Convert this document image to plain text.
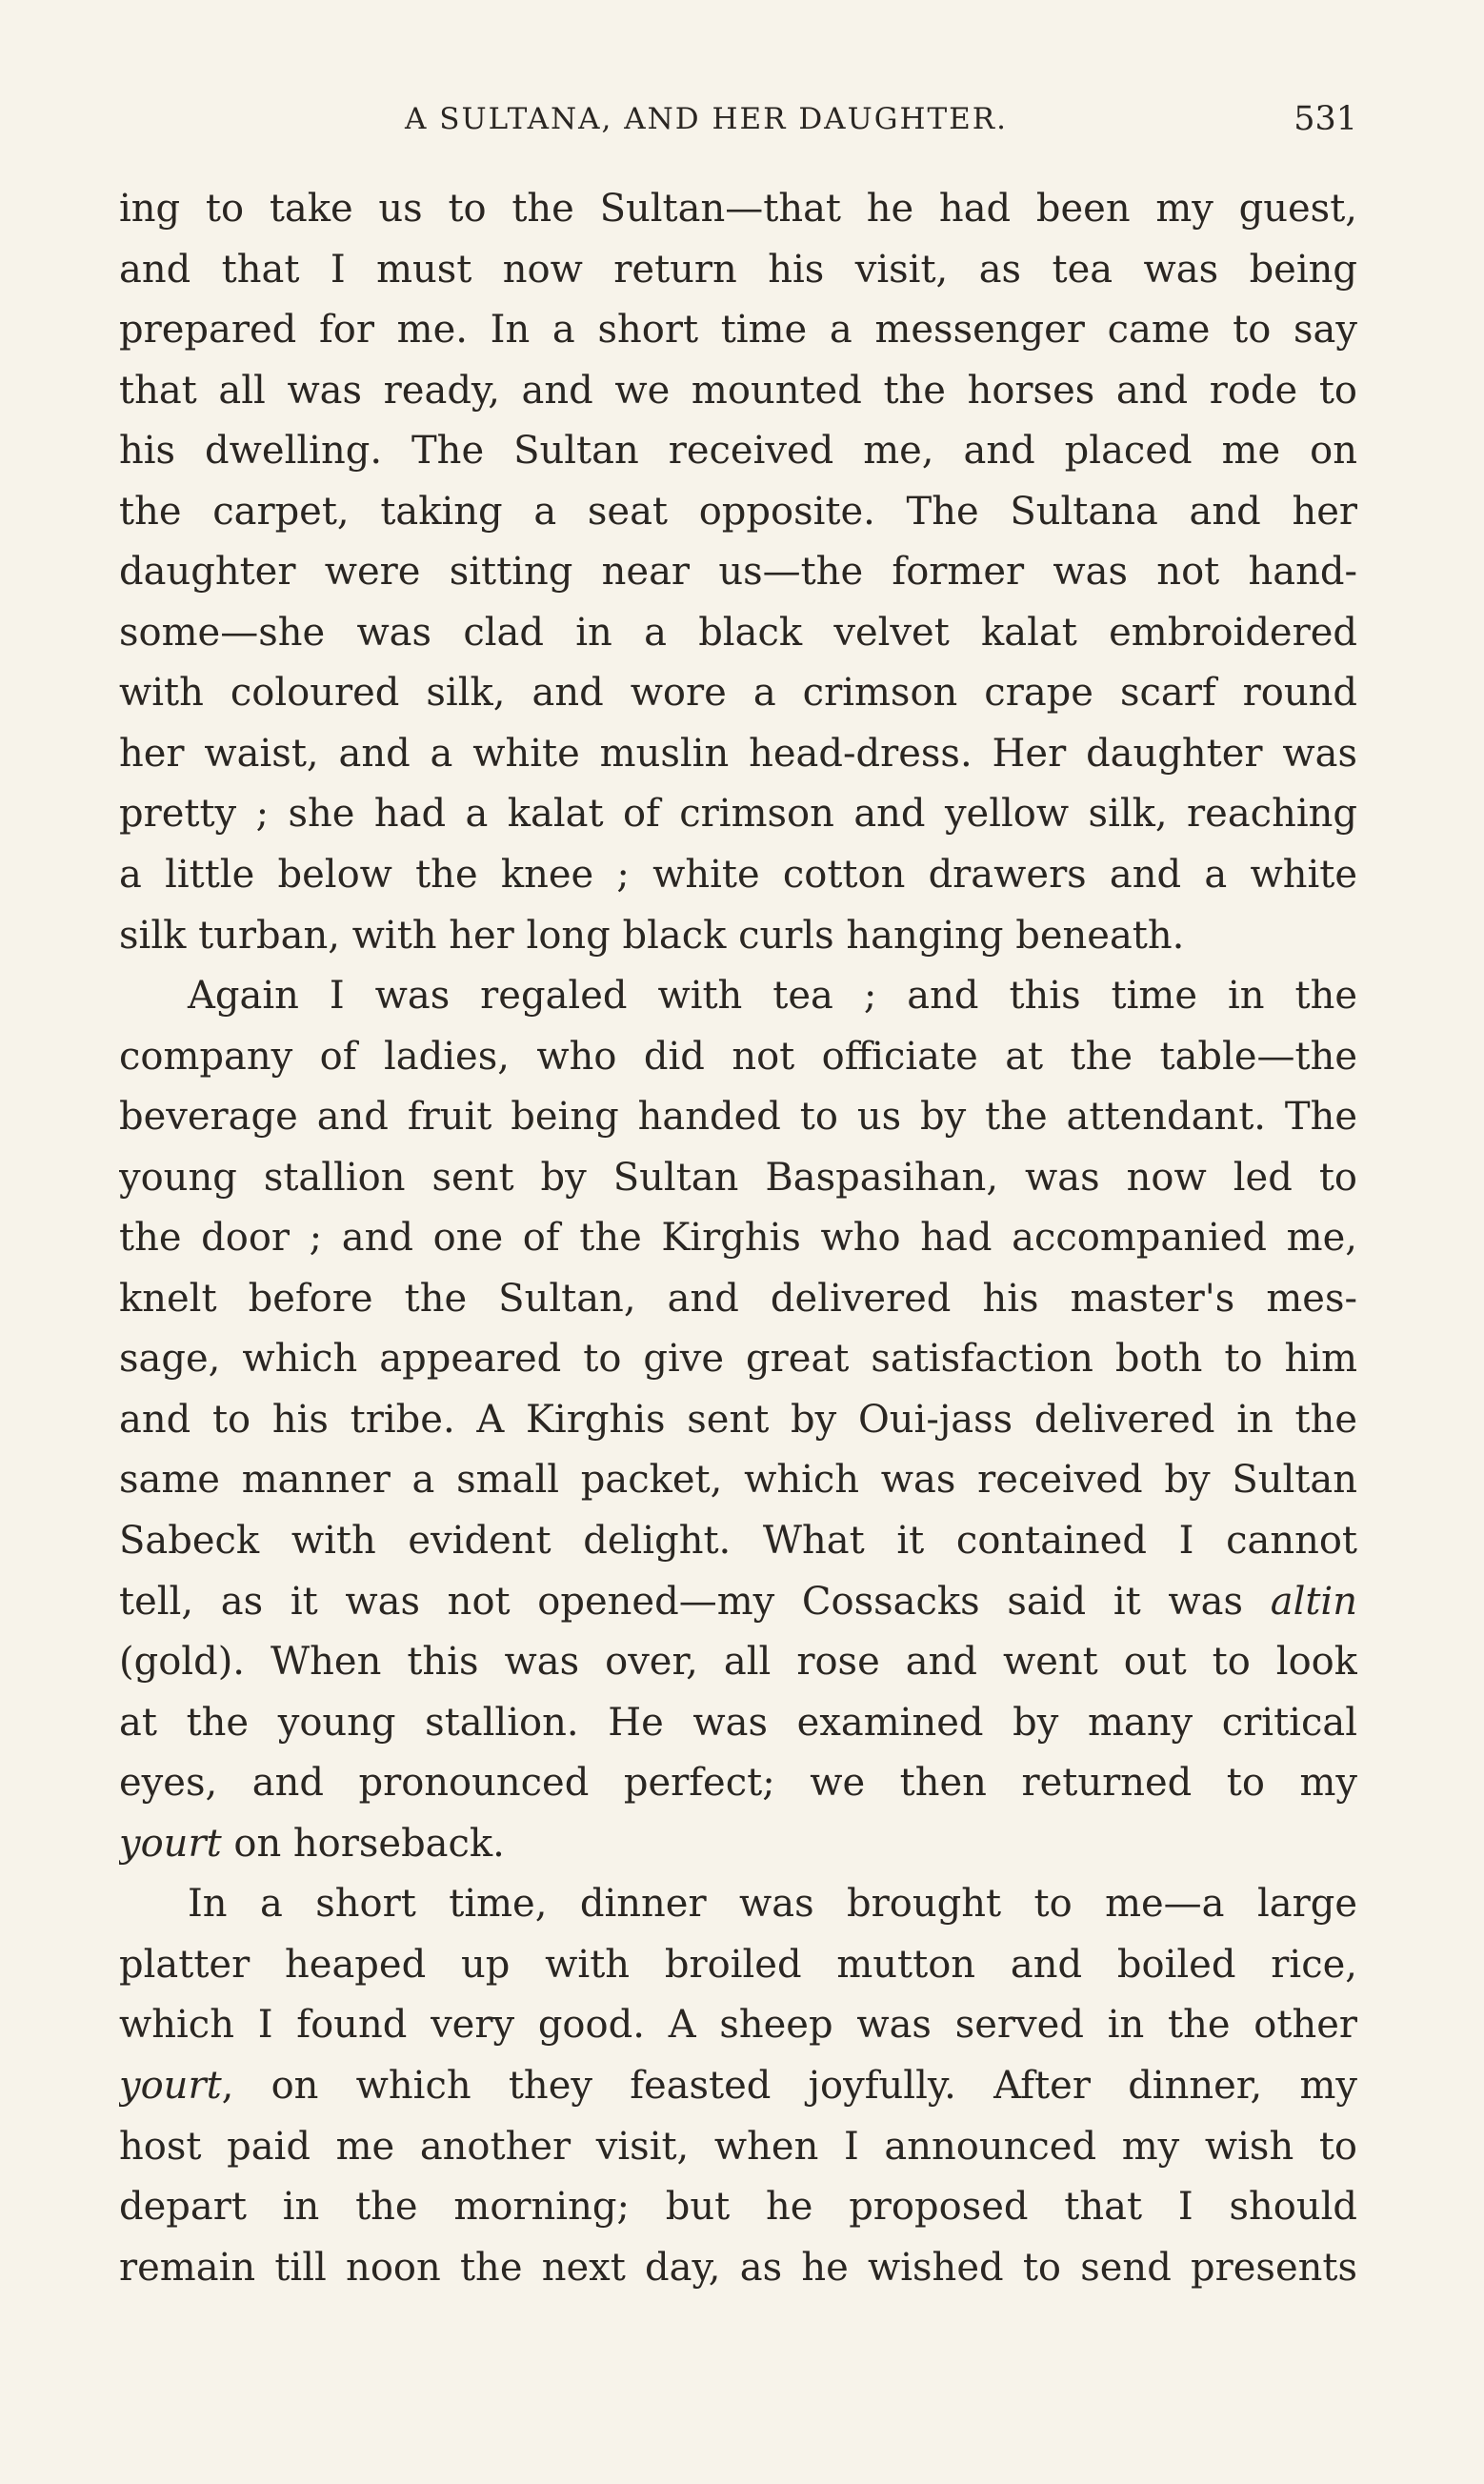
A SULTANA, AND HER DAUGHTER.	531
ing to take us to the Sultan—that he had been my guest,
and that I must now return his visit, as tea was being
prepared for me. In a short time a messenger came to say
that all was ready, and we mounted the horses and rode to
his dwelling. The Sultan received me, and placed me on
the carpet, taking a seat opposite. The Sultana and her
daughter were sitting near us—the former was not hand-
some—she was clad in a black velvet kalat embroidered
with coloured silk, and wore a crimson crape scarf round
her waist, and a white muslin head-dress. Her daughter was
pretty ; she had a kalat of crimson and yellow silk, reaching
a little below the knee ; white cotton drawers and a white
silk turban, with her long black curls hanging beneath.
Again I was regaled with tea ; and this time in the
company of ladies, who did not officiate at the table—the
beverage and fruit being handed to us by the attendant. The
young stallion sent by Sultan Baspasihan, was now led to
the door ; and one of the Kirghis who had accompanied me,
knelt before the Sultan, and delivered his master's mes-
sage, which appeared to give great satisfaction both to him
and to his tribe. A Kirghis sent by Oui-jass delivered in the
same manner a small packet, which was received by Sultan
Sabeck with evident delight. What it contained I cannot
tell, as it was not opened—my Cossacks said it was altin
(gold). When this was over, all rose and went out to look
at the young stallion. He was examined by many critical
eyes, and pronounced perfect; we then returned to my
yourt on horseback.
In a short time, dinner was brought to me—a large
platter heaped up with broiled mutton and boiled rice,
which I found very good. A sheep was served in the other
yourt, on which they feasted joyfully. After dinner, my
host paid me another visit, when I announced my wish to
depart in the morning; but he proposed that I should
remain till noon the next day, as he wished to send presents
